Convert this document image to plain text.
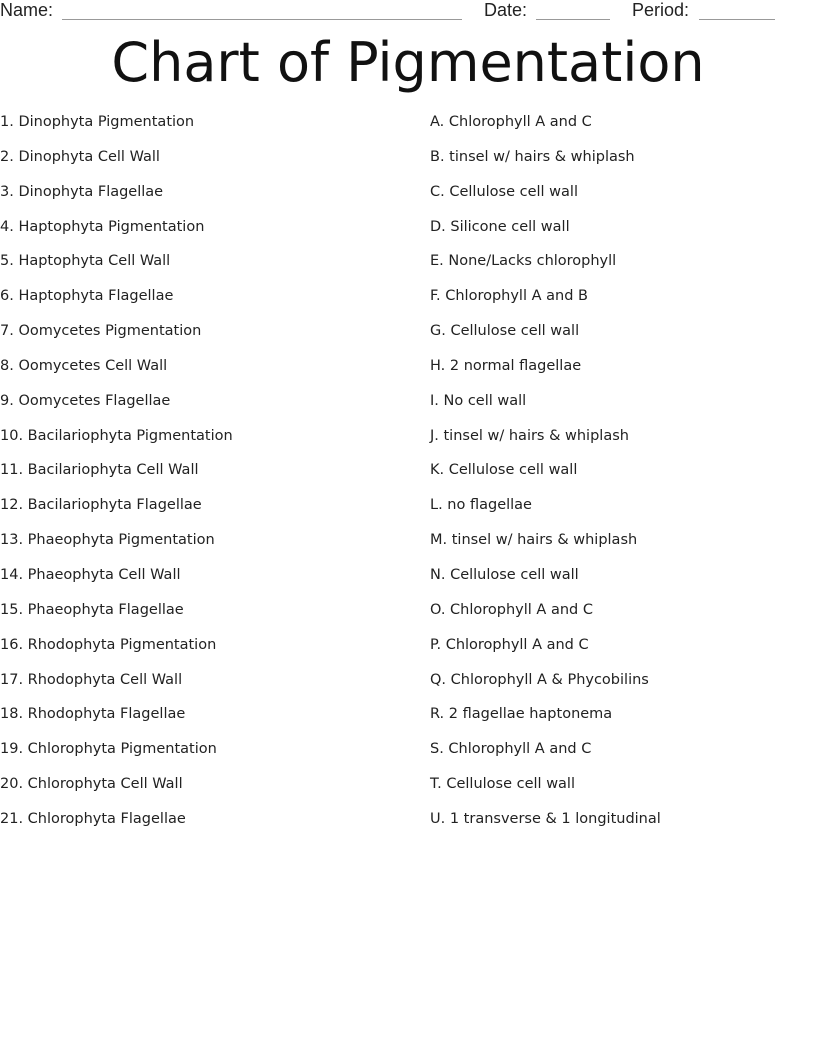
Name:	Date:	Period:
Chart of Pigmentation
1. Dinophyta Pigmentation
2. Dinophyta Cell Wall
3. Dinophyta Flagellae
4. Haptophyta Pigmentation
5. Haptophyta Cell Wall
6. Haptophyta Flagellae
7. Oomycetes Pigmentation
8. Oomycetes Cell Wall
9. Oomycetes Flagellae
10. Bacilariophyta Pigmentation
11. Bacilariophyta Cell Wall
12. Bacilariophyta Flagellae
13. Phaeophyta Pigmentation
14. Phaeophyta Cell Wall
15. Phaeophyta Flagellae
16. Rhodophyta Pigmentation
17. Rhodophyta Cell Wall
18. Rhodophyta Flagellae
19. Chlorophyta Pigmentation
20. Chlorophyta Cell Wall
21. Chlorophyta Flagellae
A. Chlorophyll A and C
B. tinsel w/ hairs & whiplash
C. Cellulose cell wall
D. Silicone cell wall
E. None/Lacks chlorophyll
F. Chlorophyll A and B
G. Cellulose cell wall
H. 2 normal flagellae
I. No cell wall
J. tinsel w/ hairs & whiplash
K. Cellulose cell wall
L. no flagellae
M. tinsel w/ hairs & whiplash
N. Cellulose cell wall
O. Chlorophyll A and C
P. Chlorophyll A and C
Q. Chlorophyll A & Phycobilins
R. 2 flagellae haptonema
S. Chlorophyll A and C
T. Cellulose cell wall
U. 1 transverse & 1 longitudinal
